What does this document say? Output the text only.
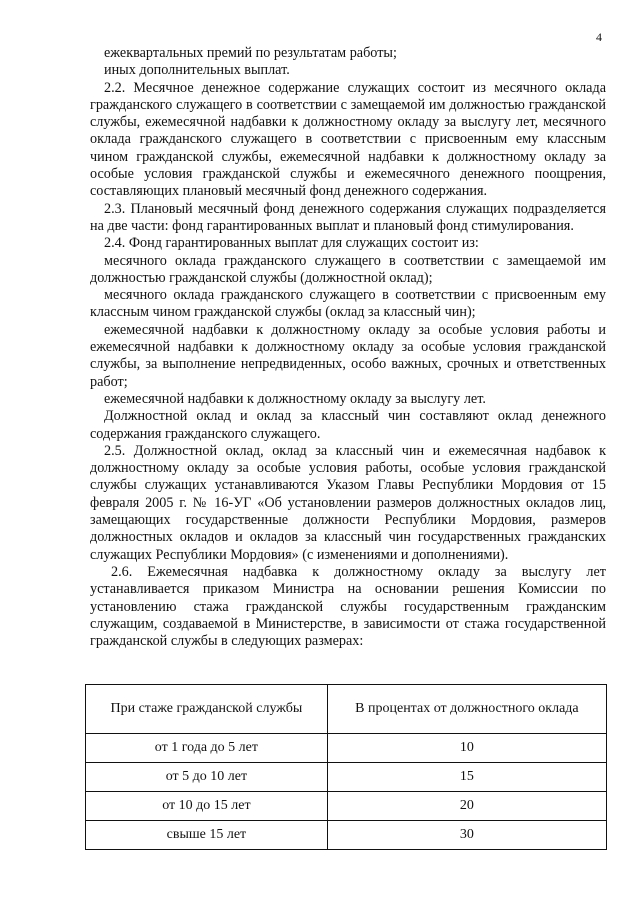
4

ежеквартальных премий по результатам работы;

иных дополнительных выплат.

2.2. Месячное денежное содержание служащих состоит из месячного оклада гражданского служащего в соответствии с замещаемой им должностью гражданской службы, ежемесячной надбавки к должностному окладу за выслугу лет, месячного оклада гражданского служащего в соответствии с присвоенным ему классным чином гражданской службы, ежемесячной надбавки к должностному окладу за особые условия гражданской службы и ежемесячного денежного поощрения, составляющих плановый месячный фонд денежного содержания.

2.3. Плановый месячный фонд денежного содержания служащих подразделяется на две части: фонд гарантированных выплат и плановый фонд стимулирования.

2.4. Фонд гарантированных выплат для служащих состоит из:

месячного оклада гражданского служащего в соответствии с замещаемой им должностью гражданской службы (должностной оклад);

месячного оклада гражданского служащего в соответствии с присвоенным ему классным чином гражданской службы (оклад за классный чин);

ежемесячной надбавки к должностному окладу за особые условия работы и ежемесячной надбавки к должностному окладу за особые условия гражданской службы, за выполнение непредвиденных, особо важных, срочных и ответственных работ;

ежемесячной надбавки к должностному окладу за выслугу лет.

Должностной оклад и оклад за классный чин составляют оклад денежного содержания гражданского служащего.

2.5. Должностной оклад, оклад за классный чин и ежемесячная надбавок к должностному окладу за особые условия работы, особые условия гражданской службы служащих устанавливаются Указом Главы Республики Мордовия от 15 февраля 2005 г. № 16-УГ «Об установлении размеров должностных окладов лиц, замещающих государственные должности Республики Мордовия, размеров должностных окладов и окладов за классный чин государственных гражданских служащих Республики Мордовия» (с изменениями и дополнениями).

2.6. Ежемесячная надбавка к должностному окладу за выслугу лет устанавливается приказом Министра на основании решения Комиссии по установлению стажа гражданской службы государственным гражданским служащим, создаваемой в Министерстве, в зависимости от стажа государственной гражданской службы в следующих размерах:

При стаже гражданской службы	В процентах от должностного оклада
от 1 года до 5 лет	10
от 5 до 10 лет	15
от 10 до 15 лет	20
свыше 15 лет	30
